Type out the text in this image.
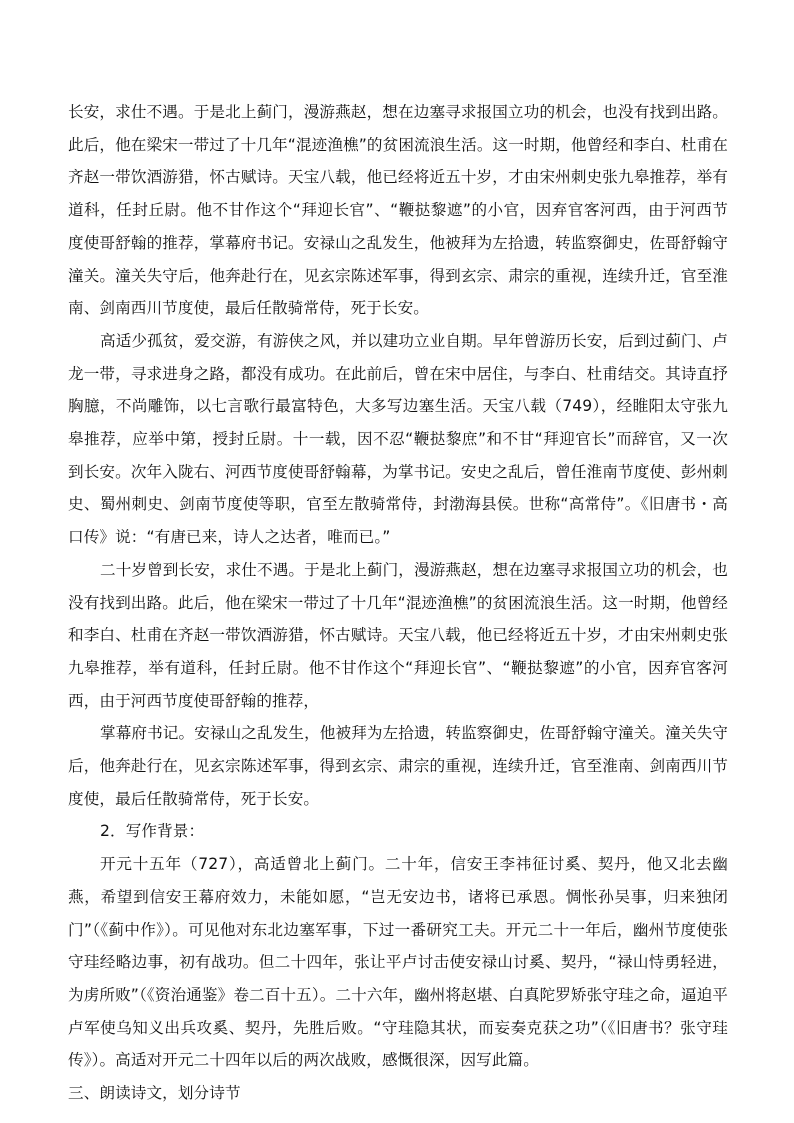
长安，求仕不遇。于是北上蓟门，漫游燕赵，想在边塞寻求报国立功的机会，也没有找到出路。此后，他在梁宋一带过了十几年“混迹渔樵”的贫困流浪生活。这一时期，他曾经和李白、杜甫在齐赵一带饮酒游猎，怀古赋诗。天宝八载，他已经将近五十岁，才由宋州刺史张九皋推荐，举有道科，任封丘尉。他不甘作这个“拜迎长官”、“鞭挞黎遮”的小官，因弃官客河西，由于河西节度使哥舒翰的推荐，掌幕府书记。安禄山之乱发生，他被拜为左拾遗，转监察御史，佐哥舒翰守潼关。潼关失守后，他奔赴行在，见玄宗陈述军事，得到玄宗、肃宗的重视，连续升迁，官至淮南、剑南西川节度使，最后任散骑常侍，死于长安。

高适少孤贫，爱交游，有游侠之风，并以建功立业自期。早年曾游历长安，后到过蓟门、卢龙一带，寻求进身之路，都没有成功。在此前后，曾在宋中居住，与李白、杜甫结交。其诗直抒胸臆，不尚雕饰，以七言歌行最富特色，大多写边塞生活。天宝八载（749），经睢阳太守张九皋推荐，应举中第，授封丘尉。十一载，因不忍“鞭挞黎庶”和不甘“拜迎官长”而辞官，又一次到长安。次年入陇右、河西节度使哥舒翰幕，为掌书记。安史之乱后，曾任淮南节度使、彭州刺史、蜀州刺史、剑南节度使等职，官至左散骑常侍，封渤海县侯。世称“高常侍”。《旧唐书・高口传》说：“有唐已来，诗人之达者，唯而已。”

二十岁曾到长安，求仕不遇。于是北上蓟门，漫游燕赵，想在边塞寻求报国立功的机会，也没有找到出路。此后，他在梁宋一带过了十几年“混迹渔樵”的贫困流浪生活。这一时期，他曾经和李白、杜甫在齐赵一带饮酒游猎，怀古赋诗。天宝八载，他已经将近五十岁，才由宋州刺史张九皋推荐，举有道科，任封丘尉。他不甘作这个“拜迎长官”、“鞭挞黎遮”的小官，因弃官客河西，由于河西节度使哥舒翰的推荐，

掌幕府书记。安禄山之乱发生，他被拜为左拾遗，转监察御史，佐哥舒翰守潼关。潼关失守后，他奔赴行在，见玄宗陈述军事，得到玄宗、肃宗的重视，连续升迁，官至淮南、剑南西川节度使，最后任散骑常侍，死于长安。

2．写作背景：

开元十五年（727），高适曾北上蓟门。二十年，信安王李祎征讨奚、契丹，他又北去幽燕，希望到信安王幕府效力，未能如愿，“岂无安边书，诸将已承恩。惆怅孙吴事，归来独闭门”（《蓟中作》）。可见他对东北边塞军事，下过一番研究工夫。开元二十一年后，幽州节度使张守珪经略边事，初有战功。但二十四年，张让平卢讨击使安禄山讨奚、契丹，“禄山恃勇轻进，为虏所败”（《资治通鉴》卷二百十五）。二十六年，幽州将赵堪、白真陀罗矫张守珪之命，逼迫平卢军使乌知义出兵攻奚、契丹，先胜后败。“守珪隐其状，而妄奏克获之功”（《旧唐书？张守珪传》）。高适对开元二十四年以后的两次战败，感慨很深，因写此篇。

三、朗读诗文，划分诗节
